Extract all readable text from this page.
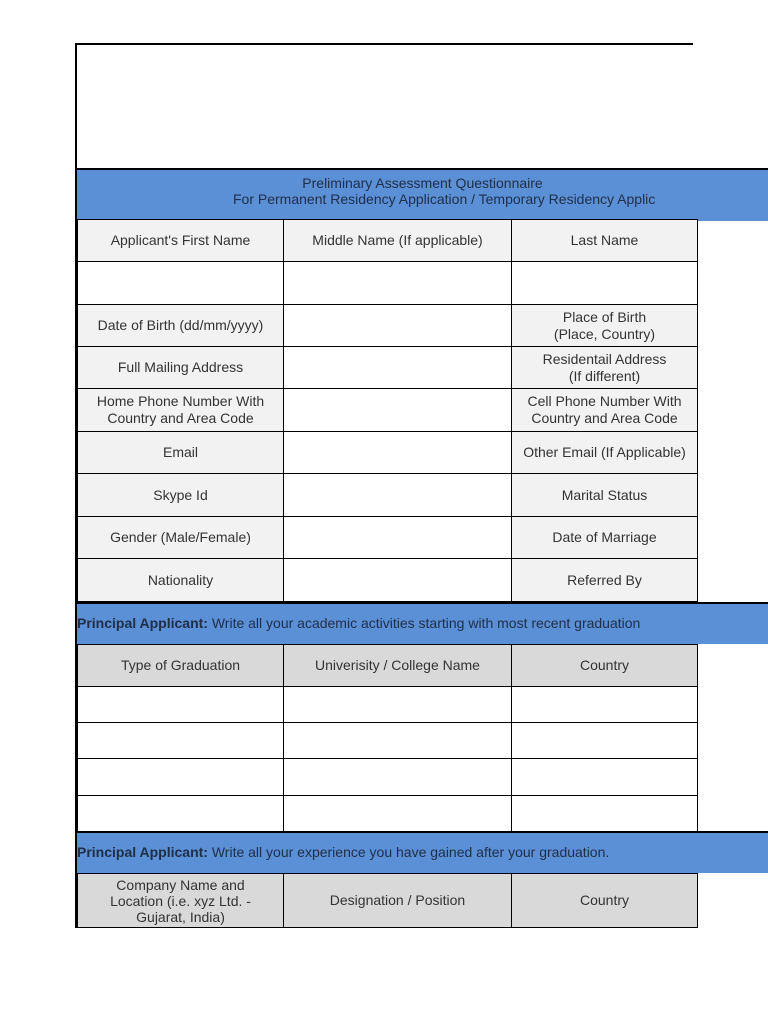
Preliminary Assessment Questionnaire
For Permanent Residency Application / Temporary Residency Applic
Applicant's First Name	Middle Name (If applicable)	Last Name

Date of Birth (dd/mm/yyyy)		Place of Birth
(Place, Country)
Full Mailing Address		Residentail Address
(If different)
Home Phone Number With
Country and Area Code		Cell Phone Number With
Country and Area Code
Email		Other Email (If Applicable)
Skype Id		Marital Status
Gender (Male/Female)		Date of Marriage
Nationality		Referred By
Principal Applicant: Write all your academic activities starting with most recent graduation
Type of Graduation	Univerisity / College Name	Country

Principal Applicant: Write all your experience you have gained after your graduation.
Company Name and
Location (i.e. xyz Ltd. -
Gujarat, India)	Designation / Position	Country
